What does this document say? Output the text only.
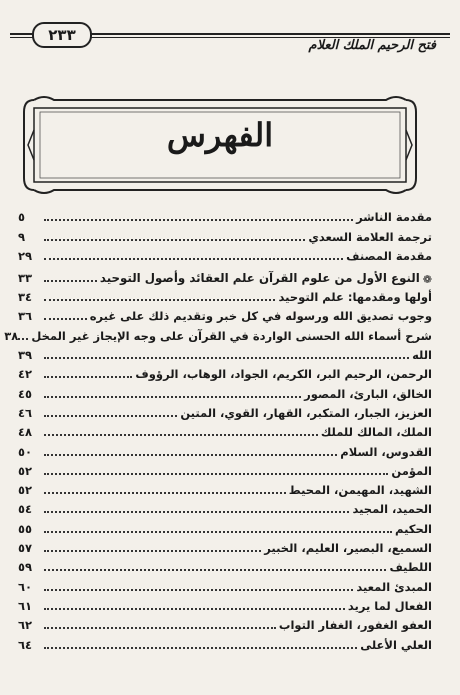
٢٣٣
فتح الرحيم الملك العلام
الفهرس
مقدمة الناشر
٥
ترجمة العلامة السعدي
٩
مقدمة المصنف
٢٩
❁
النوع الأول من علوم القرآن علم العقائد وأصول التوحيد
٣٣
أولها ومقدمها: علم التوحيد
٣٤
وجوب تصديق الله ورسوله في كل خبر وتقديم ذلك على غيره
٣٦
شرح أسماء الله الحسنى الواردة في القرآن على وجه الإيجاز غير المخل
٣٨
الله
٣٩
الرحمن، الرحيم البر، الكريم، الجواد، الوهاب، الرؤوف
٤٢
الخالق، البارئ، المصور
٤٥
العزيز، الجبار، المتكبر، القهار، القوي، المتين
٤٦
الملك، المالك للملك
٤٨
القدوس، السلام
٥٠
المؤمن
٥٢
الشهيد، المهيمن، المحيط
٥٢
الحميد، المجيد
٥٤
الحكيم
٥٥
السميع، البصير، العليم، الخبير
٥٧
اللطيف
٥٩
المبدئ المعيد
٦٠
الفعال لما يريد
٦١
العفو الغفور، الغفار التواب
٦٢
العلي الأعلى
٦٤
